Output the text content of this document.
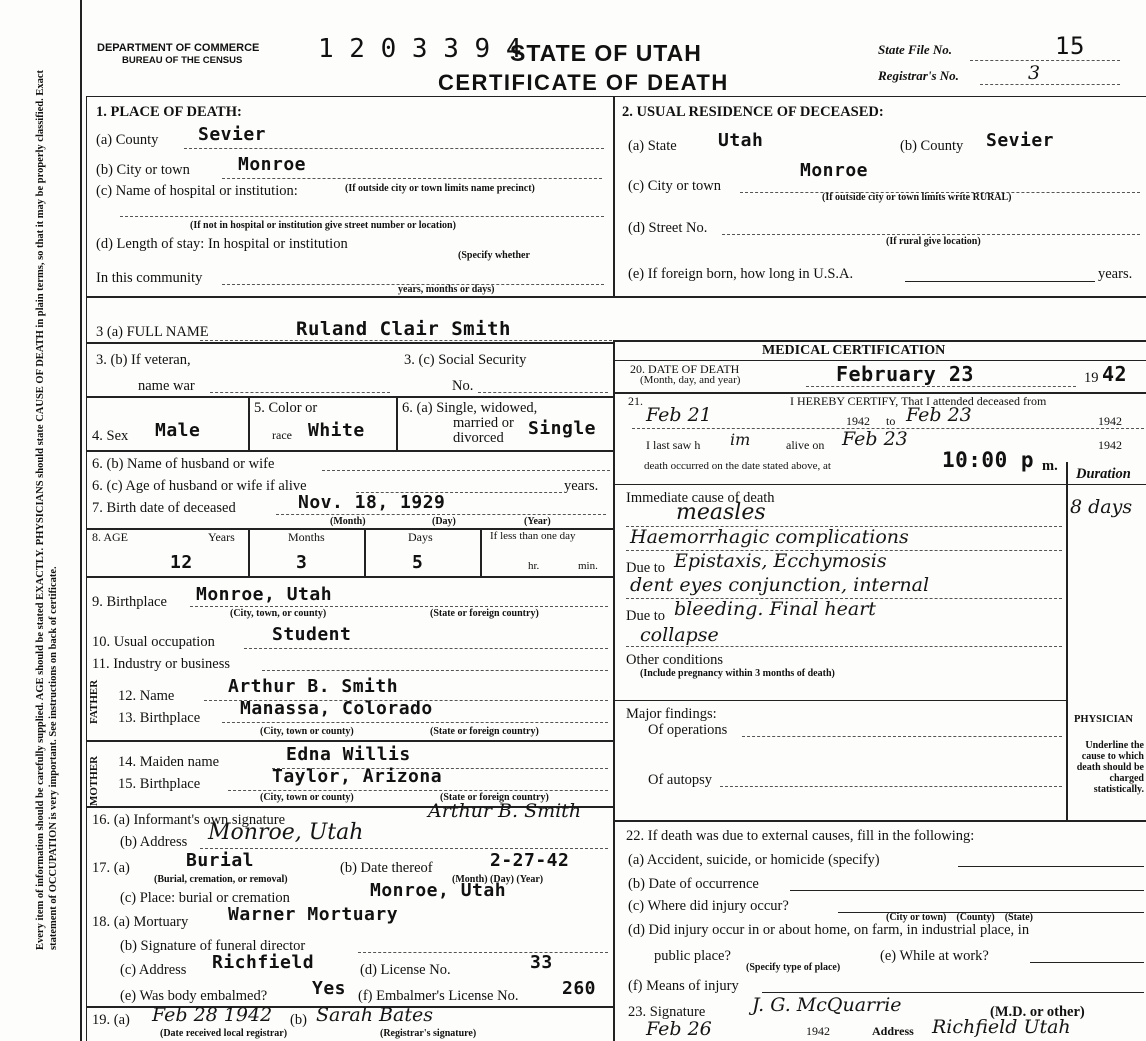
Every item of information should be carefully supplied. AGE should be stated EXACTLY. PHYSICIANS should state CAUSE OF DEATH in plain terms, so that it may be properly classified. Exact statement of OCCUPATION is very important. See instructions on back of certificate.
DEPARTMENT OF COMMERCE
BUREAU OF THE CENSUS	1 2 0 3 3 9 4
STATE OF UTAH
CERTIFICATE OF DEATH
State File No.	15
Registrar's No.	3
1. PLACE OF DEATH:
(a) County Sevier
(b) City or town	Monroe
(c) Name of hospital or institution:	(If outside city or town limits name precinct)
(If not in hospital or institution give street number or location)
(d) Length of stay: In hospital or institution
(Specify whether
In this community
years, months or days)
2. USUAL RESIDENCE OF DECEASED:
(a) State Utah	(b) County Sevier
(c) City or town
Monroe
(If outside city or town limits write RURAL)
(d) Street No.
(If rural give location)
(e) If foreign born, how long in U.S.A.	years.
3 (a) FULL NAME	Ruland Clair Smith
3. (b) If veteran,
name war
3. (c) Social Security
No.
4. Sex Male
5. Color or
race White
6. (a) Single, widowed,
married or
divorced Single
6. (b) Name of husband or wife
6. (c) Age of husband or wife if alive	years.
7. Birth date of deceased	Nov. 18, 1929
(Month)	(Day)	(Year)
8. AGE	Years	Months	Days	If less than one day
12	3	5	hr.	min.
9. Birthplace Monroe, Utah
(City, town, or county)	(State or foreign country)
10. Usual occupation	Student
11. Industry or business
FATHER
MOTHER
12. Name	Arthur B. Smith
13. Birthplace Manassa, Colorado
(City, town or county)	(State or foreign country)
14. Maiden name	Edna Willis
15. Birthplace	Taylor, Arizona
(City, town or county)	(State or foreign country)
16. (a) Informant's own signature	Arthur B. Smith
(b) Address Monroe, Utah
17. (a)	Burial
(Burial, cremation, or removal)
(b) Date thereof	2-27-42
(Month) (Day) (Year)
(c) Place: burial or cremation	Monroe, Utah
18. (a) Mortuary Warner Mortuary
(b) Signature of funeral director
(c) Address Richfield	(d) License No.	33
(e) Was body embalmed? Yes (f) Embalmer's License No. 260
19. (a) Feb 28 1942 (b) Sarah Bates
(Date received local registrar)	(Registrar's signature)
MEDICAL CERTIFICATION
20. DATE OF DEATH
(Month, day, and year)	February 23	19 42
21.	I HEREBY CERTIFY, That I attended deceased from
Feb 21	1942 to Feb 23	1942
I last saw h im	alive on Feb 23	1942
death occurred on the date stated above, at	10:00 p m. Duration
8 days
Immediate cause of death
measles
Haemorrhagic complications
Due to Epistaxis, Ecchymosis
dent eyes conjunction, internal
Due to bleeding. Final heart
collapse
Other conditions
(Include pregnancy within 3 months of death)
Major findings:
Of operations
Of autopsy
PHYSICIAN
Underline the cause to which death should be charged statistically.
22. If death was due to external causes, fill in the following:
(a) Accident, suicide, or homicide (specify)
(b) Date of occurrence
(c) Where did injury occur?
(City or town)    (County)    (State)
(d) Did injury occur in or about home, on farm, in industrial place, in
public place?
(Specify type of place)
(e) While at work?
(f) Means of injury
23. Signature J. G. McQuarrie	(M.D. or other)
Feb 26	1942	Address Richfield Utah
